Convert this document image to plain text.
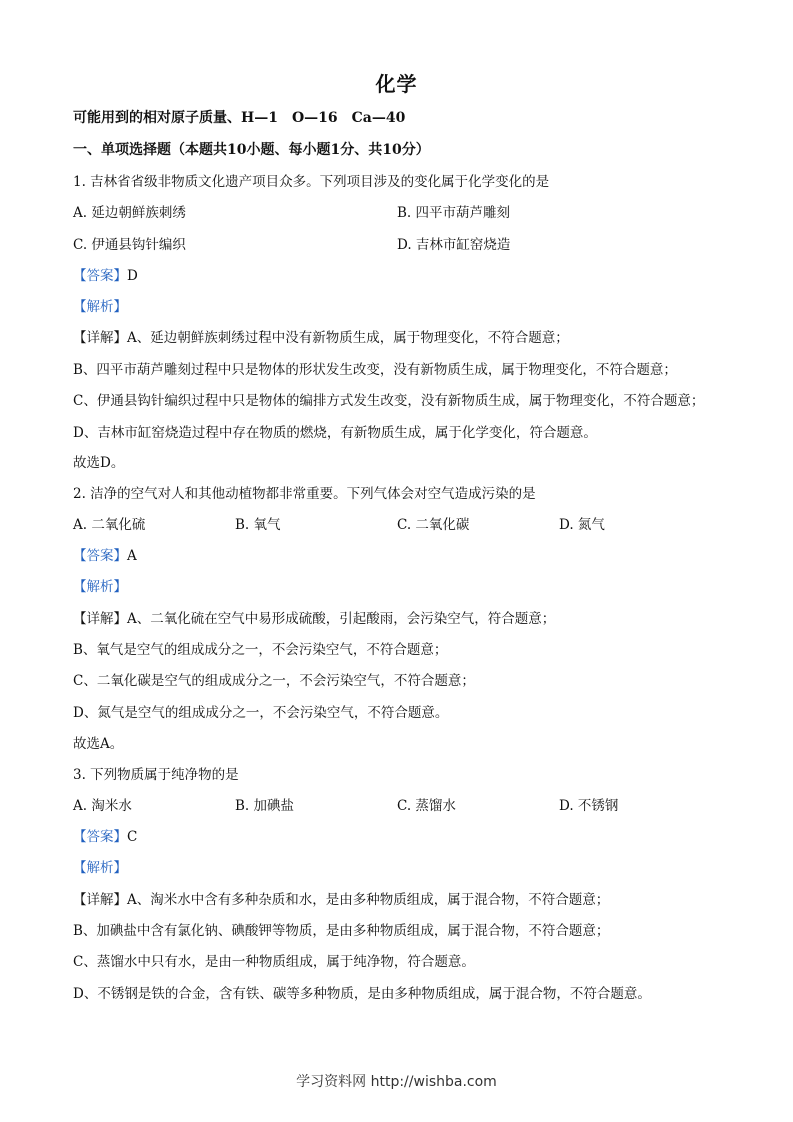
化学
可能用到的相对原子质量、H—1　O—16　Ca—40
一、单项选择题（本题共10小题、每小题1分、共10分）
1. 吉林省省级非物质文化遗产项目众多。下列项目涉及的变化属于化学变化的是
A. 延边朝鲜族刺绣	B. 四平市葫芦雕刻
C. 伊通县钩针编织	D. 吉林市缸窑烧造
【答案】D
【解析】
【详解】A、延边朝鲜族刺绣过程中没有新物质生成，属于物理变化，不符合题意；
B、四平市葫芦雕刻过程中只是物体的形状发生改变，没有新物质生成，属于物理变化，不符合题意；
C、伊通县钩针编织过程中只是物体的编排方式发生改变，没有新物质生成，属于物理变化，不符合题意；
D、吉林市缸窑烧造过程中存在物质的燃烧，有新物质生成，属于化学变化，符合题意。
故选D。
2. 洁净的空气对人和其他动植物都非常重要。下列气体会对空气造成污染的是
A. 二氧化硫	B. 氧气	C. 二氧化碳	D. 氮气
【答案】A
【解析】
【详解】A、二氧化硫在空气中易形成硫酸，引起酸雨，会污染空气，符合题意；
B、氧气是空气的组成成分之一，不会污染空气，不符合题意；
C、二氧化碳是空气的组成成分之一，不会污染空气，不符合题意；
D、氮气是空气的组成成分之一，不会污染空气，不符合题意。
故选A。
3. 下列物质属于纯净物的是
A. 淘米水	B. 加碘盐	C. 蒸馏水	D. 不锈钢
【答案】C
【解析】
【详解】A、淘米水中含有多种杂质和水，是由多种物质组成，属于混合物，不符合题意；
B、加碘盐中含有氯化钠、碘酸钾等物质，是由多种物质组成，属于混合物，不符合题意；
C、蒸馏水中只有水，是由一种物质组成，属于纯净物，符合题意。
D、不锈钢是铁的合金，含有铁、碳等多种物质，是由多种物质组成，属于混合物，不符合题意。
学习资料网 http://wishba.com
